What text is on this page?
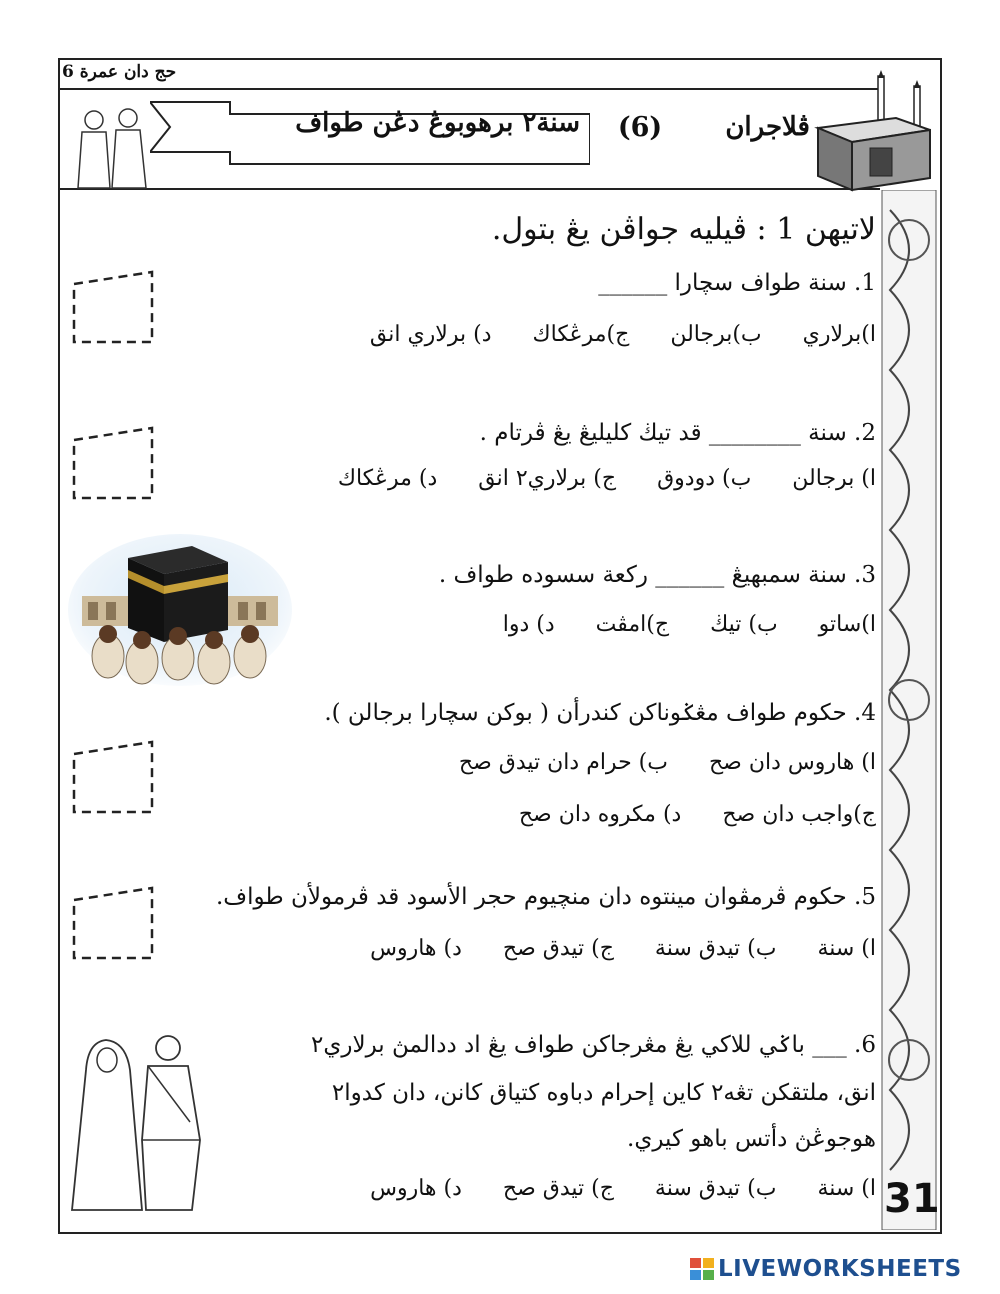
حج دان عمرة 6
سنة٢ برهوبوڠ دڠن طواف	(6)	ڤلاجران
لاتيهن 1 : ڤيليه جواڤن يڠ بتول.
1. سنة طواف سچارا ______
ا)برلاري ب)برجالن ج)مرڠكاك د) برلاري انق
2. سنة ________ قد تيڬ كليليڠ يڠ ڤرتام .
ا) برجالن ب) دودوق ج) برلاري٢ انق د) مرڠكاك
3. سنة سمبهيڠ ______ ركعة سسوده طواف .
ا)ساتو ب) تيڬ ج)امڤت د) دوا
4. حكوم طواف مڠݢوناكن كندرأن ( بوكن سچارا برجالن ).
ا) هاروس دان صح ب) حرام دان تيدق صح
ج)واجب دان صح د) مكروه دان صح
5. حكوم ڤرمڤوان مينتوه دان منچيوم حجر الأسود قد ڤرمولأن طواف.
ا) سنة ب) تيدق سنة ج) تيدق صح د) هاروس
6. ___ باݢي للاكي يڠ مڠرجاكن طواف يڠ اد ددالمڽ برلاري٢
انق، ملتقكن تڠه٢ كاين إحرام دباوه كتياق كانن، دان كدوا٢
هوجوڠڽ دأتس باهو كيري.
ا) سنة ب) تيدق سنة ج) تيدق صح د) هاروس	31
LIVEWORKSHEETS
